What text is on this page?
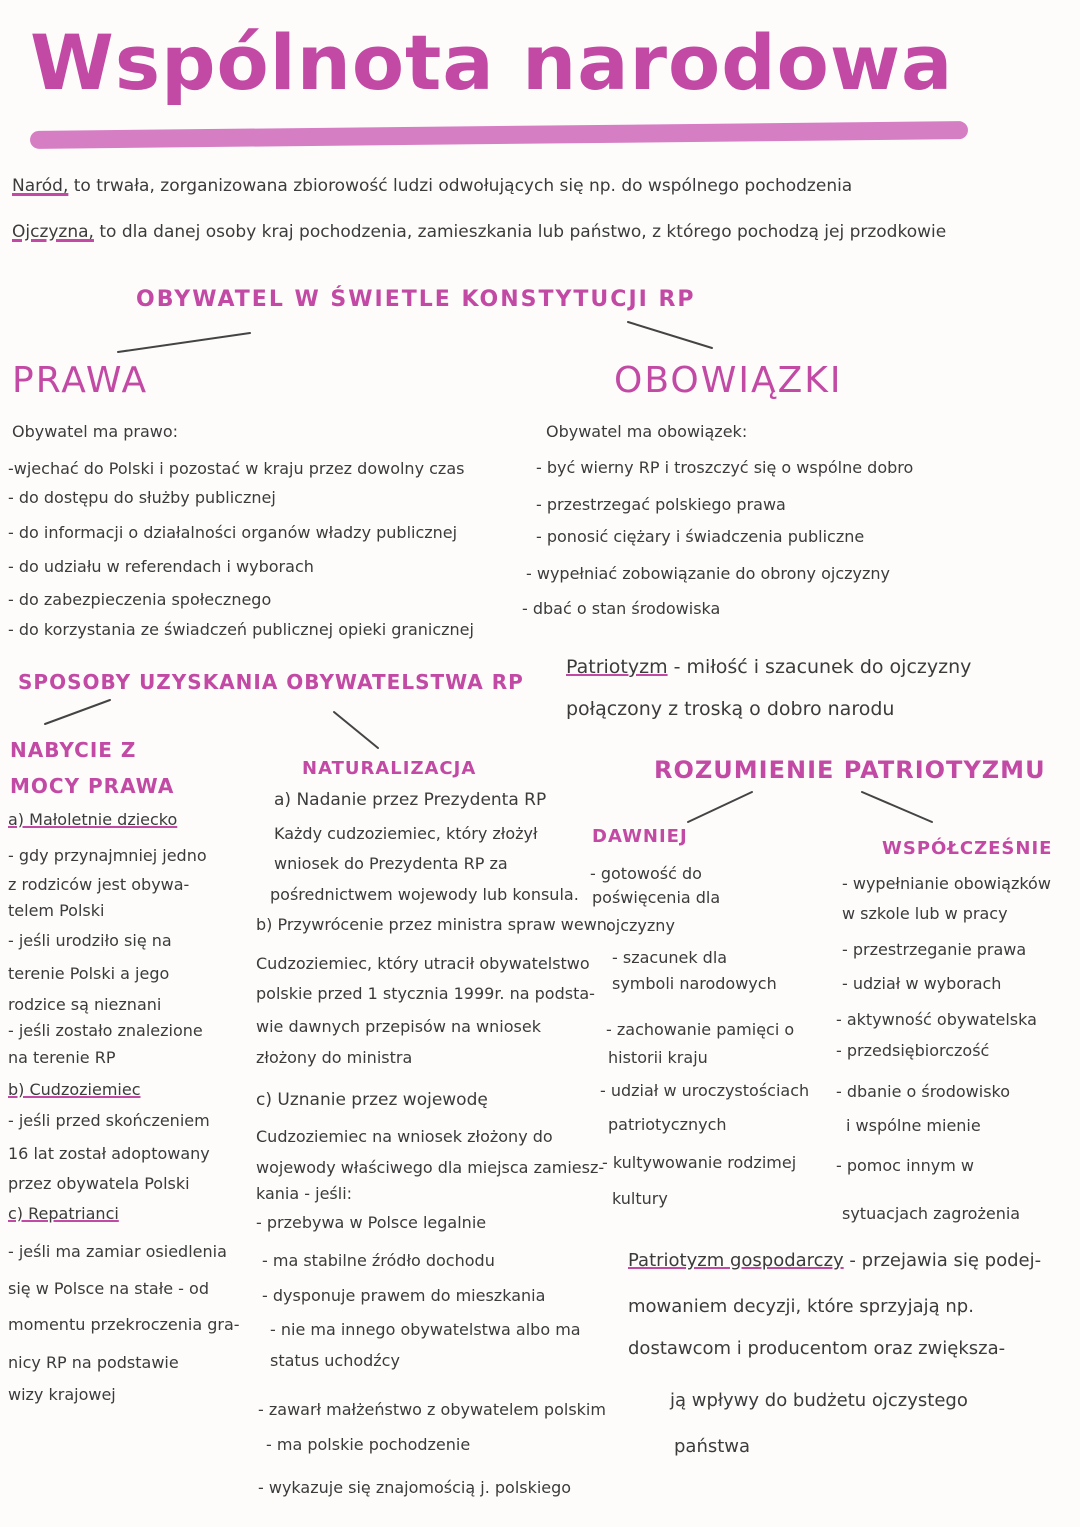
Wspólnota narodowa
Naród, to trwała, zorganizowana zbiorowość ludzi odwołujących się np. do wspólnego pochodzenia
Ojczyzna, to dla danej osoby kraj pochodzenia, zamieszkania lub państwo, z którego pochodzą jej przodkowie
OBYWATEL W ŚWIETLE KONSTYTUCJI RP
PRAWA
Obywatel ma prawo:
-wjechać do Polski i pozostać w kraju przez dowolny czas
- do dostępu do służby publicznej
- do informacji o działalności organów władzy publicznej
- do udziału w referendach i wyborach
- do zabezpieczenia społecznego
- do korzystania ze świadczeń publicznej opieki granicznej
OBOWIĄZKI
Obywatel ma obowiązek:
- być wierny RP i troszczyć się o wspólne dobro
- przestrzegać polskiego prawa
- ponosić ciężary i świadczenia publiczne
- wypełniać zobowiązanie do obrony ojczyzny
- dbać o stan środowiska
Patriotyzm - miłość i szacunek do ojczyzny
połączony z troską o dobro narodu
SPOSOBY UZYSKANIA OBYWATELSTWA RP
NABYCIE Z
MOCY PRAWA
a) Małoletnie dziecko
- gdy przynajmniej jedno
z rodziców jest obywa-
telem Polski
- jeśli urodziło się na
terenie Polski a jego
rodzice są nieznani
- jeśli zostało znalezione
na terenie RP
b) Cudzoziemiec
- jeśli przed skończeniem
16 lat został adoptowany
przez obywatela Polski
c) Repatrianci
- jeśli ma zamiar osiedlenia
się w Polsce na stałe - od
momentu przekroczenia gra-
nicy RP na podstawie
wizy krajowej
NATURALIZACJA
a) Nadanie przez Prezydenta RP
Każdy cudzoziemiec, który złożył
wniosek do Prezydenta RP za
pośrednictwem wojewody lub konsula.
b) Przywrócenie przez ministra spraw wewn.
Cudzoziemiec, który utracił obywatelstwo
polskie przed 1 stycznia 1999r. na podsta-
wie dawnych przepisów na wniosek
złożony do ministra
c) Uznanie przez wojewodę
Cudzoziemiec na wniosek złożony do
wojewody właściwego dla miejsca zamiesz-
kania - jeśli:
- przebywa w Polsce legalnie
- ma stabilne źródło dochodu
- dysponuje prawem do mieszkania
- nie ma innego obywatelstwa albo ma
status uchodźcy
- zawarł małżeństwo z obywatelem polskim
- ma polskie pochodzenie
- wykazuje się znajomością j. polskiego
ROZUMIENIE PATRIOTYZMU
DAWNIEJ
- gotowość do
poświęcenia dla
ojczyzny
- szacunek dla
symboli narodowych
- zachowanie pamięci o
historii kraju
- udział w uroczystościach
patriotycznych
- kultywowanie rodzimej
kultury
WSPÓŁCZEŚNIE
- wypełnianie obowiązków
w szkole lub w pracy
- przestrzeganie prawa
- udział w wyborach
- aktywność obywatelska
- przedsiębiorczość
- dbanie o środowisko
i wspólne mienie
- pomoc innym w
sytuacjach zagrożenia
Patriotyzm gospodarczy - przejawia się podej-
mowaniem decyzji, które sprzyjają np.
dostawcom i producentom oraz zwiększa-
ją wpływy do budżetu ojczystego
państwa
